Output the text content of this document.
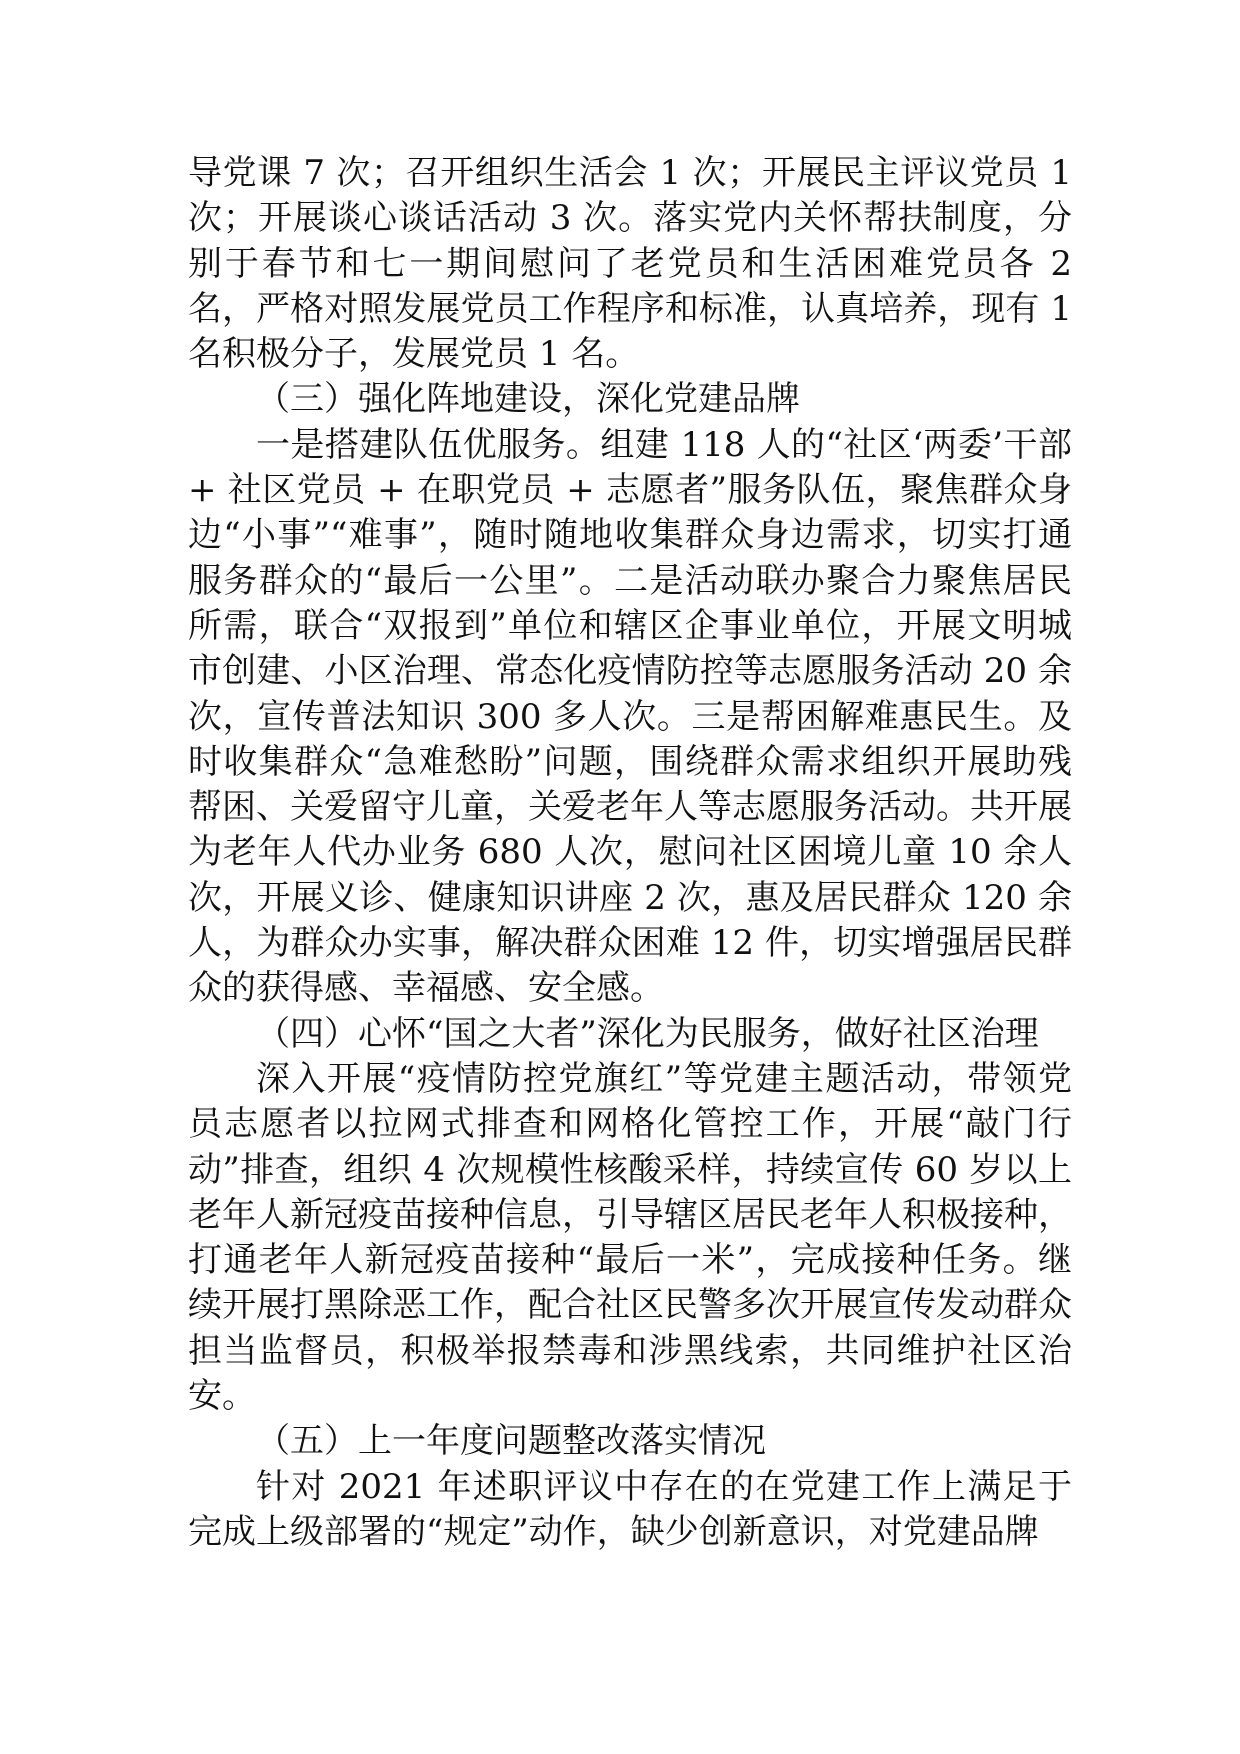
导党课 7 次；召开组织生活会 1 次；开展民主评议党员 1 次；开展谈心谈话活动 3 次。落实党内关怀帮扶制度，分别于春节和七一期间慰问了老党员和生活困难党员各 2 名，严格对照发展党员工作程序和标准，认真培养，现有 1 名积极分子，发展党员 1 名。

（三）强化阵地建设，深化党建品牌

一是搭建队伍优服务。组建 118 人的“社区‘两委’干部 + 社区党员 + 在职党员 + 志愿者”服务队伍，聚焦群众身边“小事”“难事”，随时随地收集群众身边需求，切实打通服务群众的“最后一公里”。二是活动联办聚合力聚焦居民所需，联合“双报到”单位和辖区企事业单位，开展文明城市创建、小区治理、常态化疫情防控等志愿服务活动 20 余次，宣传普法知识 300 多人次。三是帮困解难惠民生。及时收集群众“急难愁盼”问题，围绕群众需求组织开展助残帮困、关爱留守儿童，关爱老年人等志愿服务活动。共开展为老年人代办业务 680 人次，慰问社区困境儿童 10 余人次，开展义诊、健康知识讲座 2 次，惠及居民群众 120 余人，为群众办实事，解决群众困难 12 件，切实增强居民群众的获得感、幸福感、安全感。

（四）心怀“国之大者”深化为民服务，做好社区治理

深入开展“疫情防控党旗红”等党建主题活动，带领党员志愿者以拉网式排查和网格化管控工作，开展“敲门行动”排查，组织 4 次规模性核酸采样，持续宣传 60 岁以上老年人新冠疫苗接种信息，引导辖区居民老年人积极接种，打通老年人新冠疫苗接种“最后一米”，完成接种任务。继续开展打黑除恶工作，配合社区民警多次开展宣传发动群众担当监督员，积极举报禁毒和涉黑线索，共同维护社区治安。

（五）上一年度问题整改落实情况

针对 2021 年述职评议中存在的在党建工作上满足于完成上级部署的“规定”动作，缺少创新意识，对党建品牌
